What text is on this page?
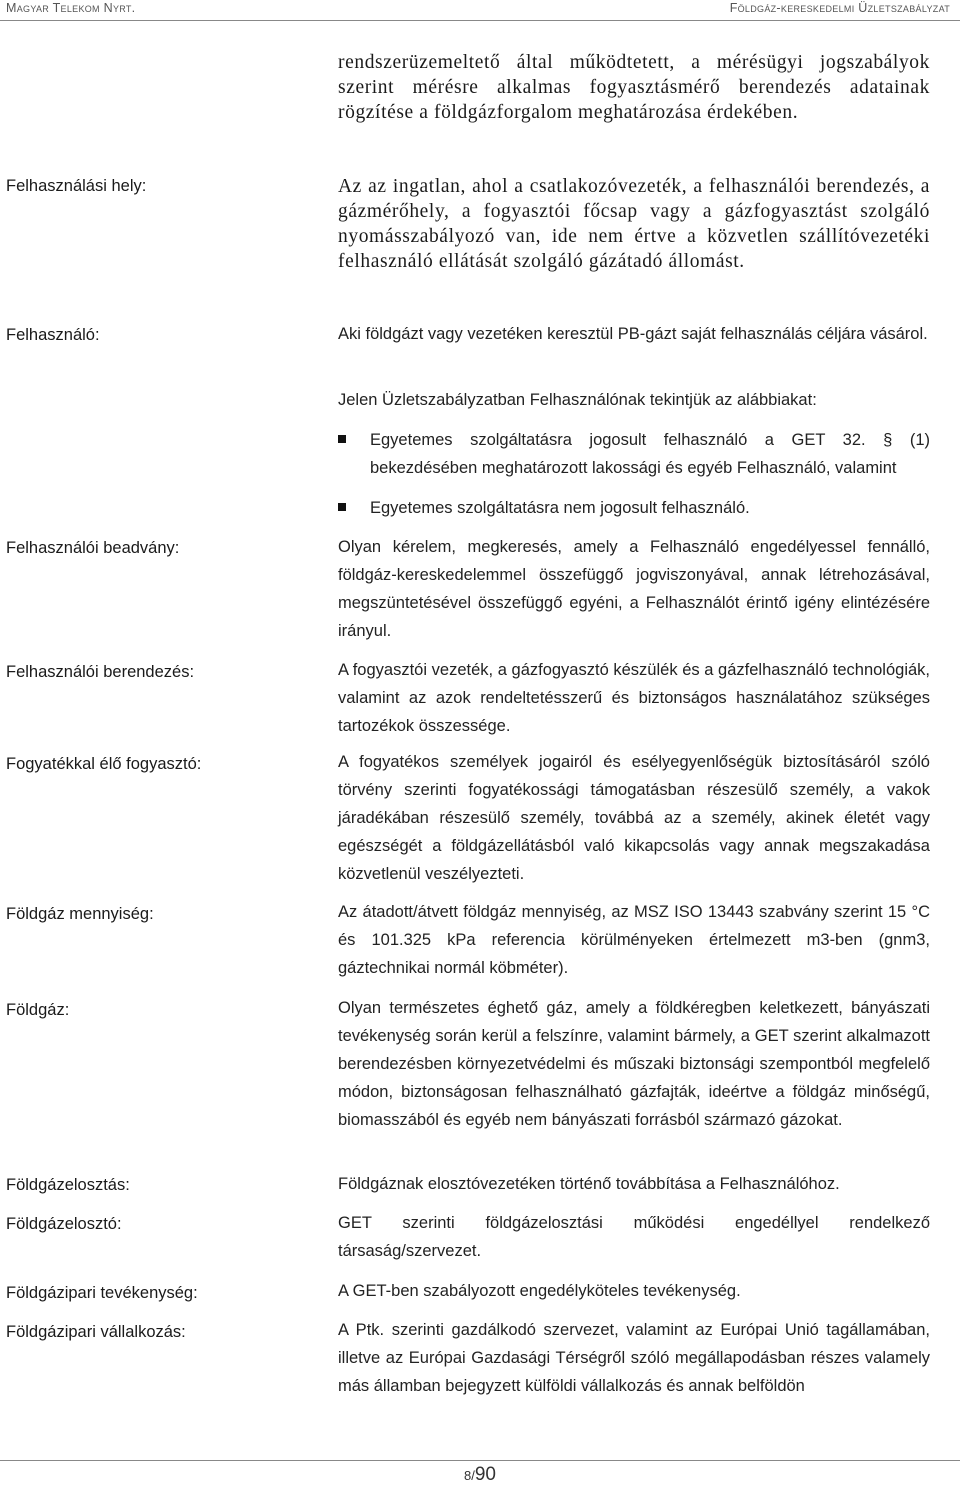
Magyar Telekom Nyrt.	Földgáz-kereskedelmi Üzletszabályzat
rendszerüzemeltető által működtetett, a mérésügyi jogszabályok szerint mérésre alkalmas fogyasztásmérő berendezés adatainak rögzítése a földgázforgalom meghatározása érdekében.
Felhasználási hely:	Az az ingatlan, ahol a csatlakozóvezeték, a felhasználói berendezés, a gázmérőhely, a fogyasztói főcsap vagy a gázfogyasztást szolgáló nyomásszabályozó van, ide nem értve a közvetlen szállítóvezetéki felhasználó ellátását szolgáló gázátadó állomást.
Felhasználó:	Aki földgázt vagy vezetéken keresztül PB-gázt saját felhasználás céljára vásárol.
Jelen Üzletszabályzatban Felhasználónak tekintjük az alábbiakat:
Egyetemes szolgáltatásra jogosult felhasználó a GET 32. § (1) bekezdésében meghatározott lakossági és egyéb Felhasználó, valamint
Egyetemes szolgáltatásra nem jogosult felhasználó.
Felhasználói beadvány:	Olyan kérelem, megkeresés, amely a Felhasználó engedélyessel fennálló, földgáz-kereskedelemmel összefüggő jogviszonyával, annak létrehozásával, megszüntetésével összefüggő egyéni, a Felhasználót érintő igény elintézésére irányul.
Felhasználói berendezés:	A fogyasztói vezeték, a gázfogyasztó készülék és a gázfelhasználó technológiák, valamint az azok rendeltetésszerű és biztonságos használatához szükséges tartozékok összessége.
Fogyatékkal élő fogyasztó:	A fogyatékos személyek jogairól és esélyegyenlőségük biztosításáról szóló törvény szerinti fogyatékossági támogatásban részesülő személy, a vakok járadékában részesülő személy, továbbá az a személy, akinek életét vagy egészségét a földgázellátásból való kikapcsolás vagy annak megszakadása közvetlenül veszélyezteti.
Földgáz mennyiség:	Az átadott/átvett földgáz mennyiség, az MSZ ISO 13443 szabvány szerint 15 °C és 101.325 kPa referencia körülményeken értelmezett m3-ben (gnm3, gáztechnikai normál köbméter).
Földgáz:	Olyan természetes éghető gáz, amely a földkéregben keletkezett, bányászati tevékenység során kerül a felszínre, valamint bármely, a GET szerint alkalmazott berendezésben környezetvédelmi és műszaki biztonsági szempontból megfelelő módon, biztonságosan felhasználható gázfajták, ideértve a földgáz minőségű, biomasszából és egyéb nem bányászati forrásból származó gázokat.
Földgázelosztás:	Földgáznak elosztóvezetéken történő továbbítása a Felhasználóhoz.
Földgázelosztó:	GET szerinti földgázelosztási működési engedéllyel rendelkező társaság/szervezet.
Földgázipari tevékenység:	A GET-ben szabályozott engedélyköteles tevékenység.
Földgázipari vállalkozás:	A Ptk. szerinti gazdálkodó szervezet, valamint az Európai Unió tagállamában, illetve az Európai Gazdasági Térségről szóló megállapodásban részes valamely más államban bejegyzett külföldi vállalkozás és annak belföldön
8/90
